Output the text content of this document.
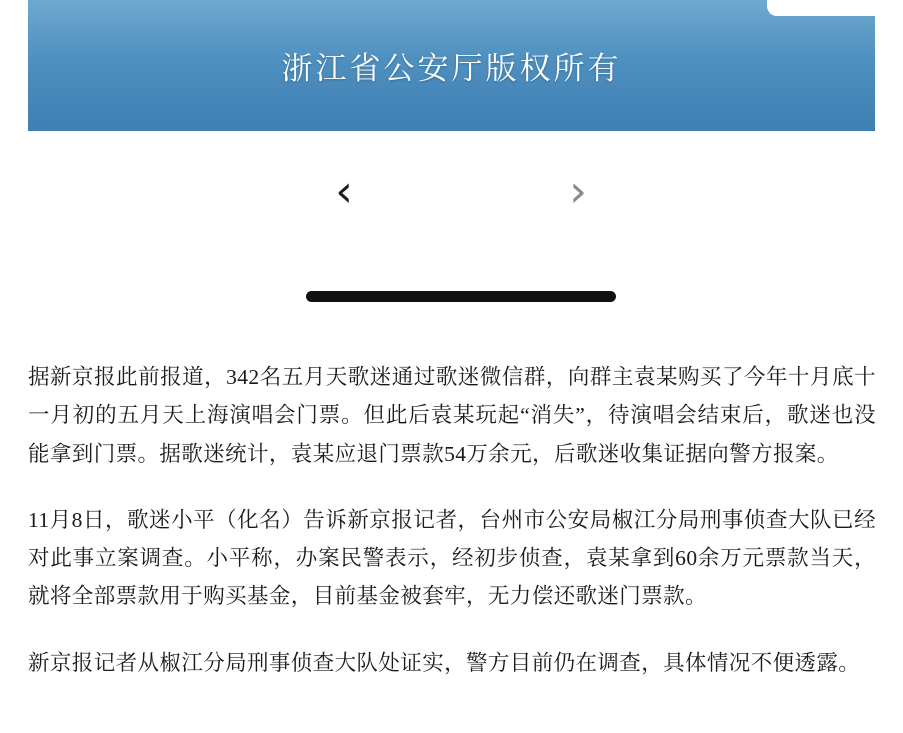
浙江省公安厅版权所有
‹	›

据新京报此前报道，342名五月天歌迷通过歌迷微信群，向群主袁某购买了今年十月底十一月初的五月天上海演唱会门票。但此后袁某玩起“消失”，待演唱会结束后，歌迷也没能拿到门票。据歌迷统计，袁某应退门票款54万余元，后歌迷收集证据向警方报案。

11月8日，歌迷小平（化名）告诉新京报记者，台州市公安局椒江分局刑事侦查大队已经对此事立案调查。小平称，办案民警表示，经初步侦查，袁某拿到60余万元票款当天，就将全部票款用于购买基金，目前基金被套牢，无力偿还歌迷门票款。

新京报记者从椒江分局刑事侦查大队处证实，警方目前仍在调查，具体情况不便透露。
